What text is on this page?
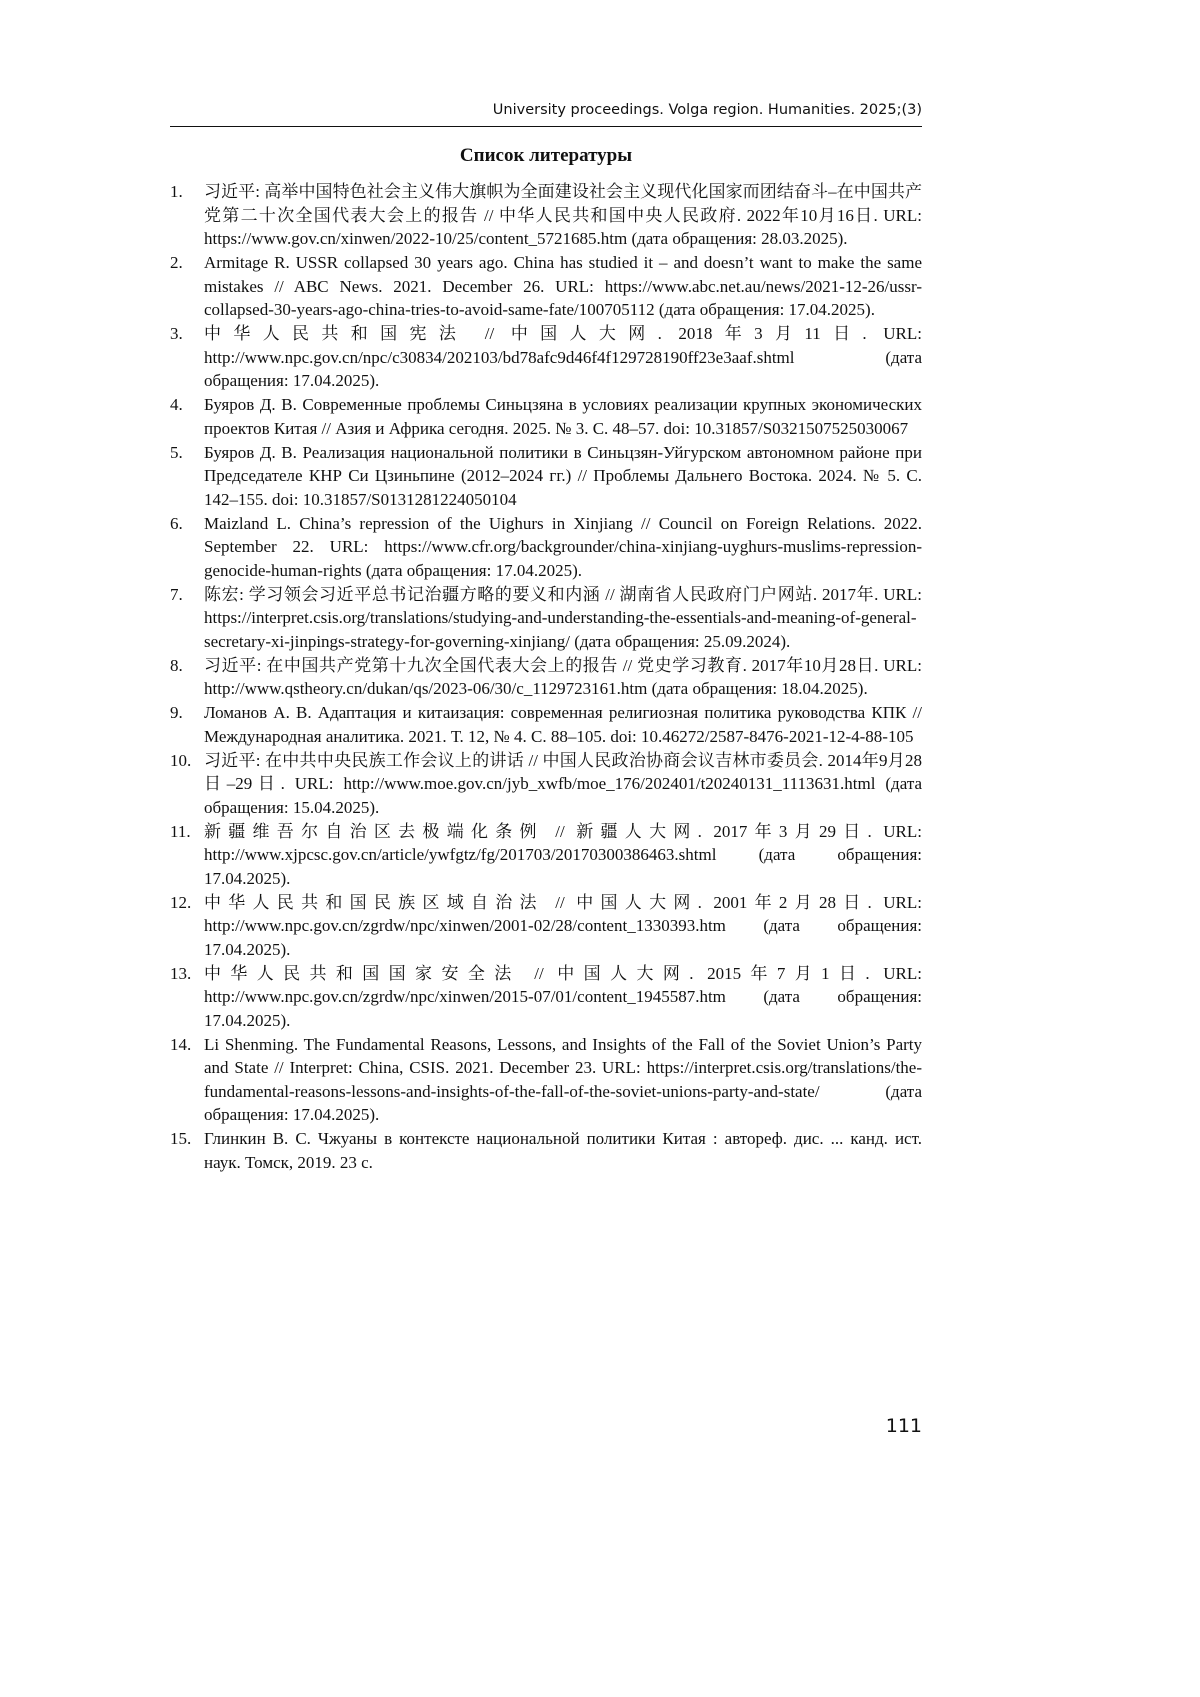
University proceedings. Volga region. Humanities. 2025;(3)
Список литературы
1.	习近平: 高举中国特色社会主义伟大旗帜为全面建设社会主义现代化国家而团结奋斗–在中国共产党第二十次全国代表大会上的报告 // 中华人民共和国中央人民政府. 2022年10月16日. URL: https://www.gov.cn/xinwen/2022-10/25/content_5721685.htm (дата обращения: 28.03.2025).
2.	Armitage R. USSR collapsed 30 years ago. China has studied it – and doesn’t want to make the same mistakes // ABC News. 2021. December 26. URL: https://www.abc.net.au/news/2021-12-26/ussr-collapsed-30-years-ago-china-tries-to-avoid-same-fate/100705112 (дата обращения: 17.04.2025).
3.	中华人民共和国宪法 // 中国人大网. 2018年3月11日. URL: http://www.npc.gov.cn/npc/c30834/202103/bd78afc9d46f4f129728190ff23e3aaf.shtml (дата обращения: 17.04.2025).
4.	Буяров Д. В. Современные проблемы Синьцзяна в условиях реализации крупных экономических проектов Китая // Азия и Африка сегодня. 2025. № 3. С. 48–57. doi: 10.31857/S0321507525030067
5.	Буяров Д. В. Реализация национальной политики в Синьцзян-Уйгурском автономном районе при Председателе КНР Си Цзиньпине (2012–2024 гг.) // Проблемы Дальнего Востока. 2024. № 5. С. 142–155. doi: 10.31857/S0131281224050104
6.	Maizland L. China’s repression of the Uighurs in Xinjiang // Council on Foreign Relations. 2022. September 22. URL: https://www.cfr.org/backgrounder/china-xinjiang-uyghurs-muslims-repression-genocide-human-rights (дата обращения: 17.04.2025).
7.	陈宏: 学习领会习近平总书记治疆方略的要义和内涵 // 湖南省人民政府门户网站. 2017年. URL: https://interpret.csis.org/translations/studying-and-understanding-the-essentials-and-meaning-of-general-secretary-xi-jinpings-strategy-for-governing-xinjiang/ (дата обращения: 25.09.2024).
8.	习近平: 在中国共产党第十九次全国代表大会上的报告 // 党史学习教育. 2017年10月28日. URL: http://www.qstheory.cn/dukan/qs/2023-06/30/c_1129723161.htm (дата обращения: 18.04.2025).
9.	Ломанов А. В. Адаптация и китаизация: современная религиозная политика руководства КПК // Международная аналитика. 2021. Т. 12, № 4. С. 88–105. doi: 10.46272/2587-8476-2021-12-4-88-105
10. 习近平: 在中共中央民族工作会议上的讲话 // 中国人民政治协商会议吉林市委员会. 2014年9月28日–29日. URL: http://www.moe.gov.cn/jyb_xwfb/moe_176/202401/t20240131_1113631.html (дата обращения: 15.04.2025).
11. 新疆维吾尔自治区去极端化条例 // 新疆人大网. 2017年3月29日. URL: http://www.xjpcsc.gov.cn/article/ywfgtz/fg/201703/20170300386463.shtml (дата обращения: 17.04.2025).
12. 中华人民共和国民族区域自治法 // 中国人大网. 2001年2月28日. URL: http://www.npc.gov.cn/zgrdw/npc/xinwen/2001-02/28/content_1330393.htm (дата обращения: 17.04.2025).
13. 中华人民共和国国家安全法 // 中国人大网. 2015年7月1日. URL: http://www.npc.gov.cn/zgrdw/npc/xinwen/2015-07/01/content_1945587.htm (дата обращения: 17.04.2025).
14. Li Shenming. The Fundamental Reasons, Lessons, and Insights of the Fall of the Soviet Union’s Party and State // Interpret: China, CSIS. 2021. December 23. URL: https://interpret.csis.org/translations/the-fundamental-reasons-lessons-and-insights-of-the-fall-of-the-soviet-unions-party-and-state/ (дата обращения: 17.04.2025).
15. Глинкин В. С. Чжуаны в контексте национальной политики Китая : автореф. дис. ... канд. ист. наук. Томск, 2019. 23 с.
111
